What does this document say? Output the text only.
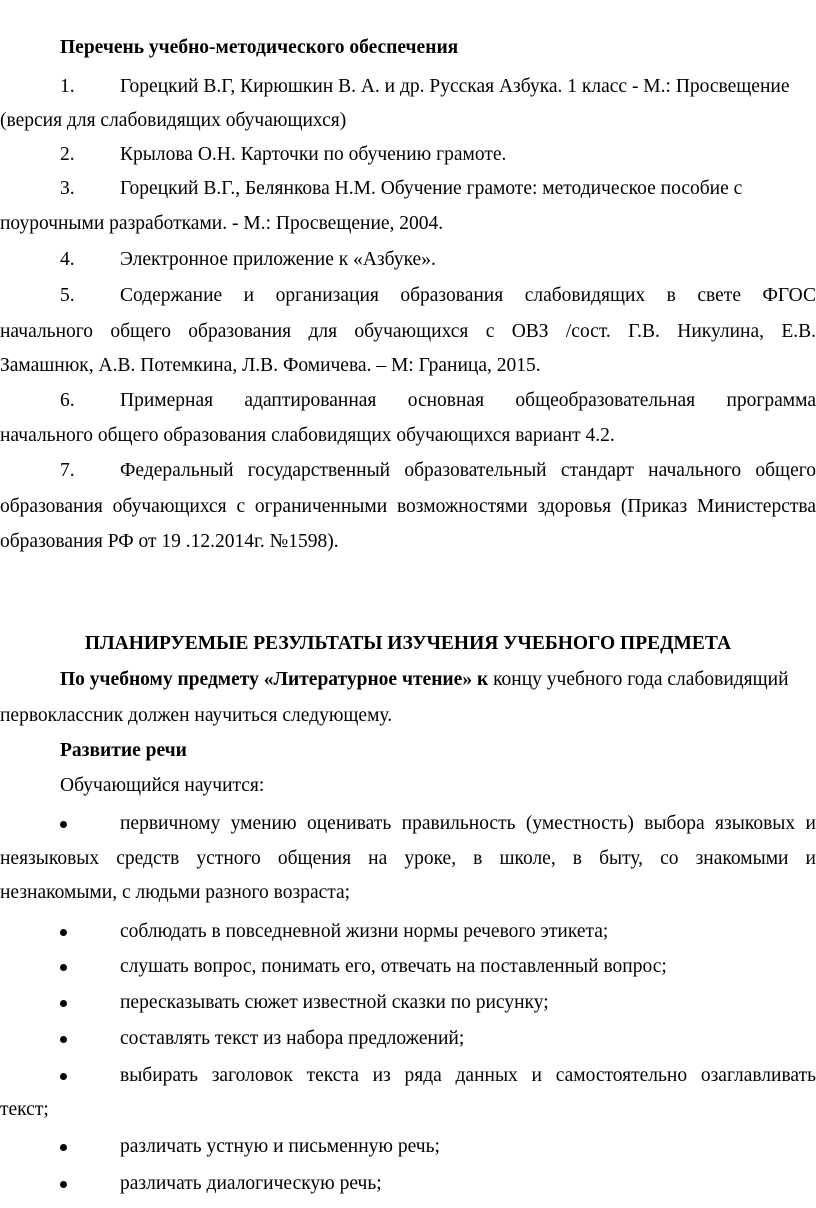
Перечень учебно-методического обеспечения
1. Горецкий В.Г, Кирюшкин В. А. и др. Русская Азбука. 1 класс - М.: Просвещение
(версия для слабовидящих обучающихся)
2. Крылова О.Н. Карточки по обучению грамоте.
3. Горецкий В.Г., Белянкова Н.М. Обучение грамоте: методическое пособие с
поурочными разработками. - М.: Просвещение, 2004.
4. Электронное приложение к «Азбуке».
5. Содержание и организация образования слабовидящих в свете ФГОС
начального общего образования для обучающихся с ОВЗ /сост. Г.В. Никулина, Е.В.
Замашнюк, А.В. Потемкина, Л.В. Фомичева. – М: Граница, 2015.
6. Примерная адаптированная основная общеобразовательная программа
начального общего образования слабовидящих обучающихся вариант 4.2.
7. Федеральный государственный образовательный стандарт начального общего
образования обучающихся с ограниченными возможностями здоровья (Приказ Министерства
образования РФ от 19 .12.2014г. №1598).
ПЛАНИРУЕМЫЕ РЕЗУЛЬТАТЫ ИЗУЧЕНИЯ УЧЕБНОГО ПРЕДМЕТА
По учебному предмету «Литературное чтение» к концу учебного года слабовидящий
первоклассник должен научиться следующему.
Развитие речи
Обучающийся научится:
первичному умению оценивать правильность (уместность) выбора языковых и
неязыковых средств устного общения на уроке, в школе, в быту, со знакомыми и
незнакомыми, с людьми разного возраста;
соблюдать в повседневной жизни нормы речевого этикета;
слушать вопрос, понимать его, отвечать на поставленный вопрос;
пересказывать сюжет известной сказки по рисунку;
составлять текст из набора предложений;
выбирать заголовок текста из ряда данных и самостоятельно озаглавливать
текст;
различать устную и письменную речь;
различать диалогическую речь;
